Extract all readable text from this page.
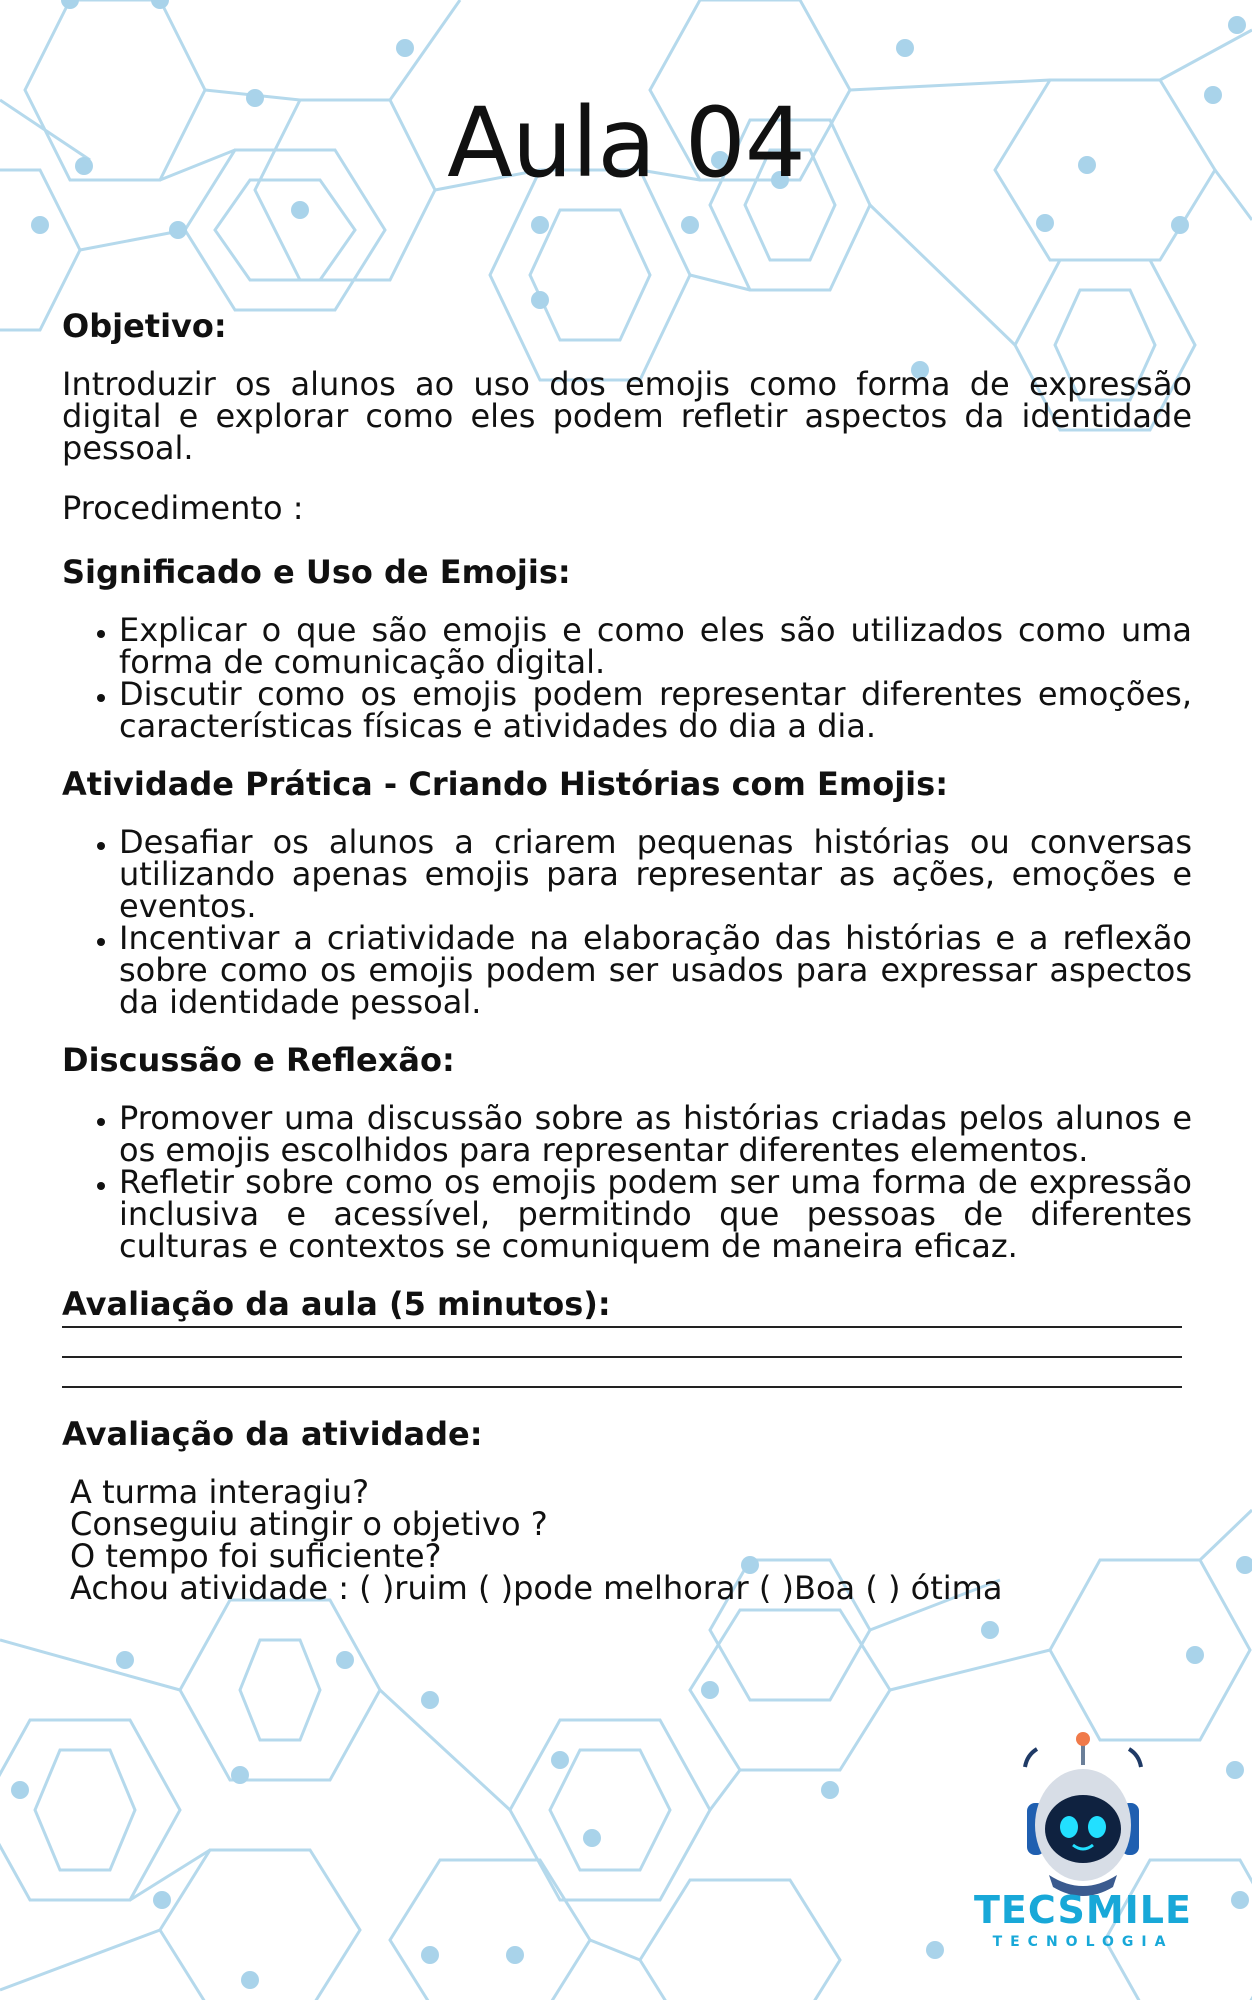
Aula 04

Objetivo:

Introduzir os alunos ao uso dos emojis como forma de expressão digital e explorar como eles podem refletir aspectos da identidade pessoal.

Procedimento :

Significado e Uso de Emojis:

• Explicar o que são emojis e como eles são utilizados como uma forma de comunicação digital.
• Discutir como os emojis podem representar diferentes emoções, características físicas e atividades do dia a dia.

Atividade Prática - Criando Histórias com Emojis:

• Desafiar os alunos a criarem pequenas histórias ou conversas utilizando apenas emojis para representar as ações, emoções e eventos.
• Incentivar a criatividade na elaboração das histórias e a reflexão sobre como os emojis podem ser usados para expressar aspectos da identidade pessoal.

Discussão e Reflexão:

• Promover uma discussão sobre as histórias criadas pelos alunos e os emojis escolhidos para representar diferentes elementos.
• Refletir sobre como os emojis podem ser uma forma de expressão inclusiva e acessível, permitindo que pessoas de diferentes culturas e contextos se comuniquem de maneira eficaz.

Avaliação da aula (5 minutos):

Avaliação da atividade:

A turma interagiu?

Conseguiu atingir o objetivo ?

O tempo foi suficiente?

Achou atividade : ( )ruim ( )pode melhorar ( )Boa ( ) ótima

TECSMILE
TECNOLOGIA
